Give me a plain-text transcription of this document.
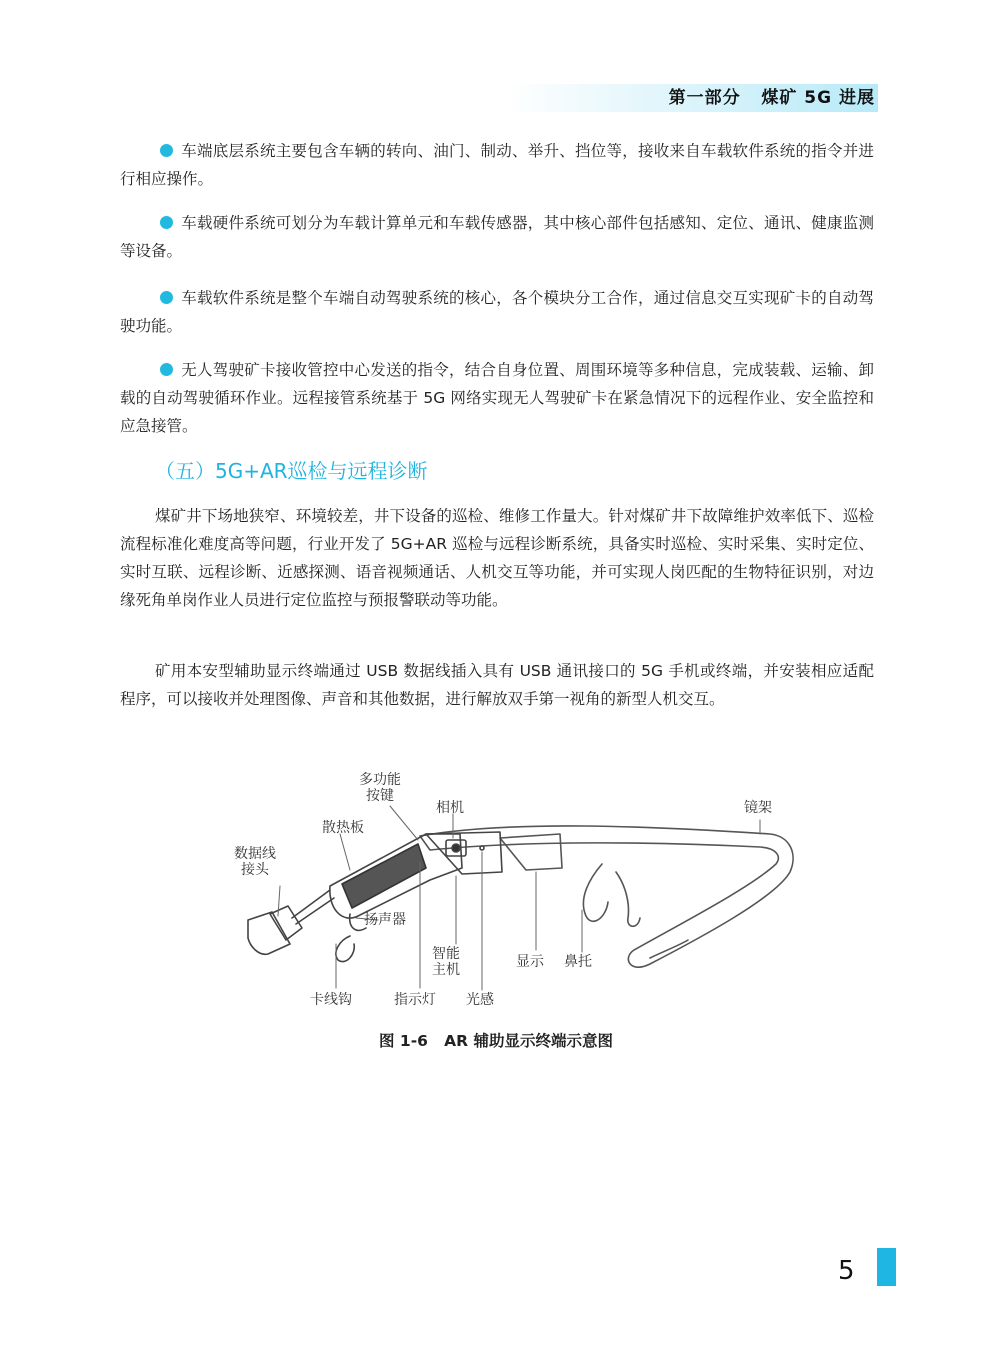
第一部分   煤矿 5G 进展

车端底层系统主要包含车辆的转向、油门、制动、举升、挡位等，接收来自车载软件系统的指令并进行相应操作。

车载硬件系统可划分为车载计算单元和车载传感器，其中核心部件包括感知、定位、通讯、健康监测等设备。

车载软件系统是整个车端自动驾驶系统的核心，各个模块分工合作，通过信息交互实现矿卡的自动驾驶功能。

无人驾驶矿卡接收管控中心发送的指令，结合自身位置、周围环境等多种信息，完成装载、运输、卸载的自动驾驶循环作业。远程接管系统基于 5G 网络实现无人驾驶矿卡在紧急情况下的远程作业、安全监控和应急接管。

（五）5G+AR巡检与远程诊断

煤矿井下场地狭窄、环境较差，井下设备的巡检、维修工作量大。针对煤矿井下故障维护效率低下、巡检流程标准化难度高等问题，行业开发了 5G+AR 巡检与远程诊断系统，具备实时巡检、实时采集、实时定位、实时互联、远程诊断、近感探测、语音视频通话、人机交互等功能，并可实现人岗匹配的生物特征识别，对边缘死角单岗作业人员进行定位监控与预报警联动等功能。

矿用本安型辅助显示终端通过 USB 数据线插入具有 USB 通讯接口的 5G 手机或终端，并安装相应适配程序，可以接收并处理图像、声音和其他数据，进行解放双手第一视角的新型人机交互。

多功能
按键
相机	镜架
散热板
数据线
接头
扬声器
智能
主机	显示 鼻托
卡线钩	指示灯 光感

图 1-6   AR 辅助显示终端示意图

5
